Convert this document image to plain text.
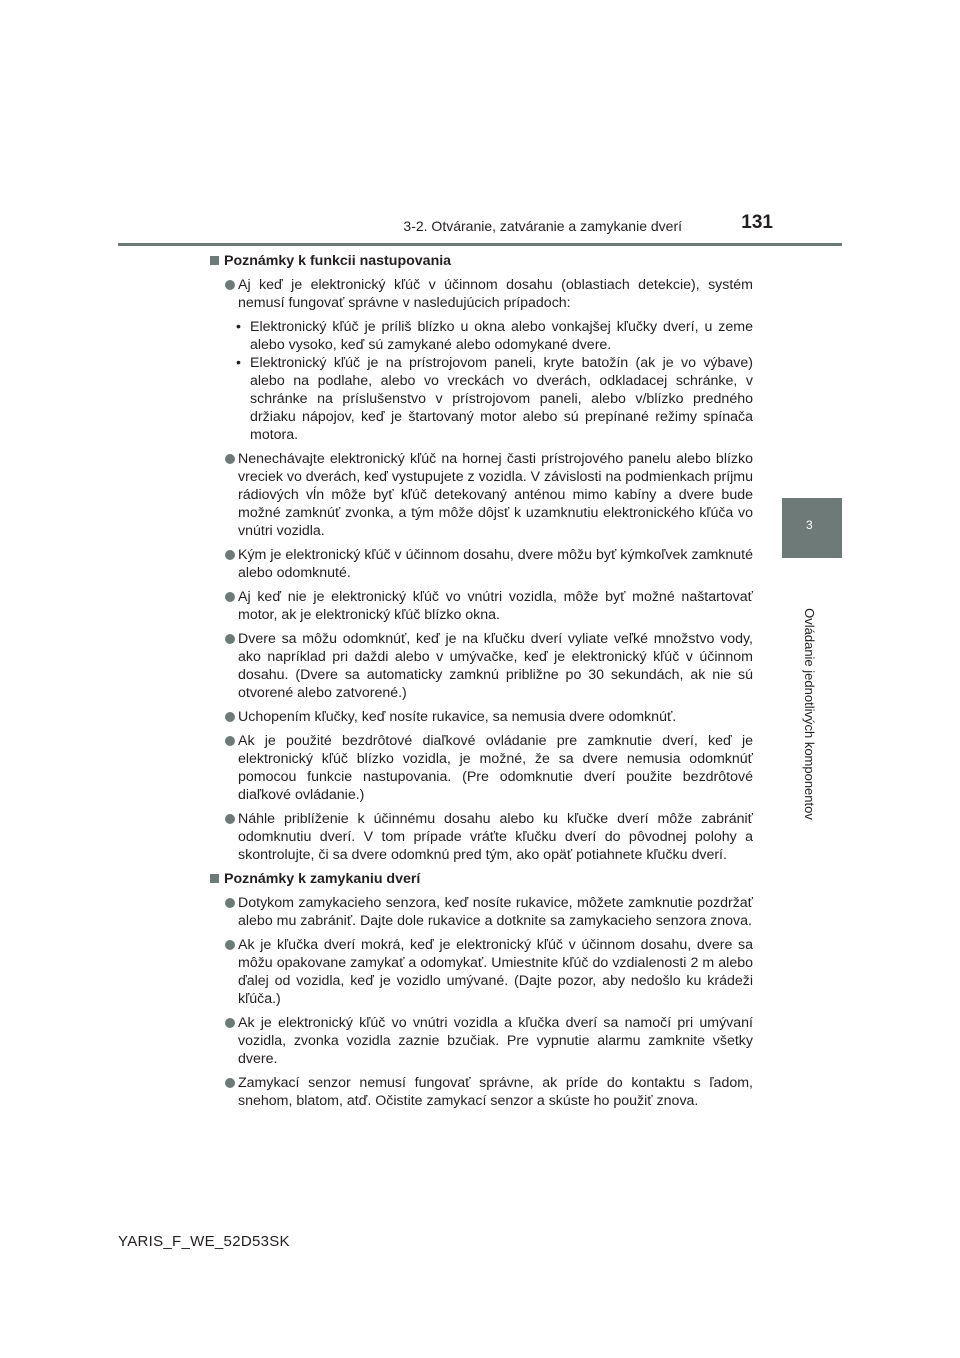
3-2. Otváranie, zatváranie a zamykanie dverí	131
3
Ovládanie jednotlivých komponentov
Poznámky k funkcii nastupovania
Aj keď je elektronický kľúč v účinnom dosahu (oblastiach detekcie), systém nemusí fungovať správne v nasledujúcich prípadoch:
• Elektronický kľúč je príliš blízko u okna alebo vonkajšej kľučky dverí, u zeme alebo vysoko, keď sú zamykané alebo odomykané dvere.
• Elektronický kľúč je na prístrojovom paneli, kryte batožín (ak je vo výbave) alebo na podlahe, alebo vo vreckách vo dverách, odkladacej schránke, v schránke na príslušenstvo v prístrojovom paneli, alebo v/blízko predného držiaku nápojov, keď je štartovaný motor alebo sú prepínané režimy spínača motora.
Nenechávajte elektronický kľúč na hornej časti prístrojového panelu alebo blízko vreciek vo dverách, keď vystupujete z vozidla. V závislosti na podmienkach príjmu rádiových vĺn môže byť kľúč detekovaný anténou mimo kabíny a dvere bude možné zamknúť zvonka, a tým môže dôjsť k uzamknutiu elektronického kľúča vo vnútri vozidla.
Kým je elektronický kľúč v účinnom dosahu, dvere môžu byť kýmkoľvek zamknuté alebo odomknuté.
Aj keď nie je elektronický kľúč vo vnútri vozidla, môže byť možné naštartovať motor, ak je elektronický kľúč blízko okna.
Dvere sa môžu odomknúť, keď je na kľučku dverí vyliate veľké množstvo vody, ako napríklad pri daždi alebo v umývačke, keď je elektronický kľúč v účinnom dosahu. (Dvere sa automaticky zamknú približne po 30 sekundách, ak nie sú otvorené alebo zatvorené.)
Uchopením kľučky, keď nosíte rukavice, sa nemusia dvere odomknúť.
Ak je použité bezdrôtové diaľkové ovládanie pre zamknutie dverí, keď je elektronický kľúč blízko vozidla, je možné, že sa dvere nemusia odomknúť pomocou funkcie nastupovania. (Pre odomknutie dverí použite bezdrôtové diaľkové ovládanie.)
Náhle priblíženie k účinnému dosahu alebo ku kľučke dverí môže zabrániť odomknutiu dverí. V tom prípade vráťte kľučku dverí do pôvodnej polohy a skontrolujte, či sa dvere odomknú pred tým, ako opäť potiahnete kľučku dverí.
Poznámky k zamykaniu dverí
Dotykom zamykacieho senzora, keď nosíte rukavice, môžete zamknutie pozdržať alebo mu zabrániť. Dajte dole rukavice a dotknite sa zamykacieho senzora znova.
Ak je kľučka dverí mokrá, keď je elektronický kľúč v účinnom dosahu, dvere sa môžu opakovane zamykať a odomykať. Umiestnite kľúč do vzdialenosti 2 m alebo ďalej od vozidla, keď je vozidlo umývané. (Dajte pozor, aby nedošlo ku krádeži kľúča.)
Ak je elektronický kľúč vo vnútri vozidla a kľučka dverí sa namočí pri umývaní vozidla, zvonka vozidla zaznie bzučiak. Pre vypnutie alarmu zamknite všetky dvere.
Zamykací senzor nemusí fungovať správne, ak príde do kontaktu s ľadom, snehom, blatom, atď. Očistite zamykací senzor a skúste ho použiť znova.
YARIS_F_WE_52D53SK
